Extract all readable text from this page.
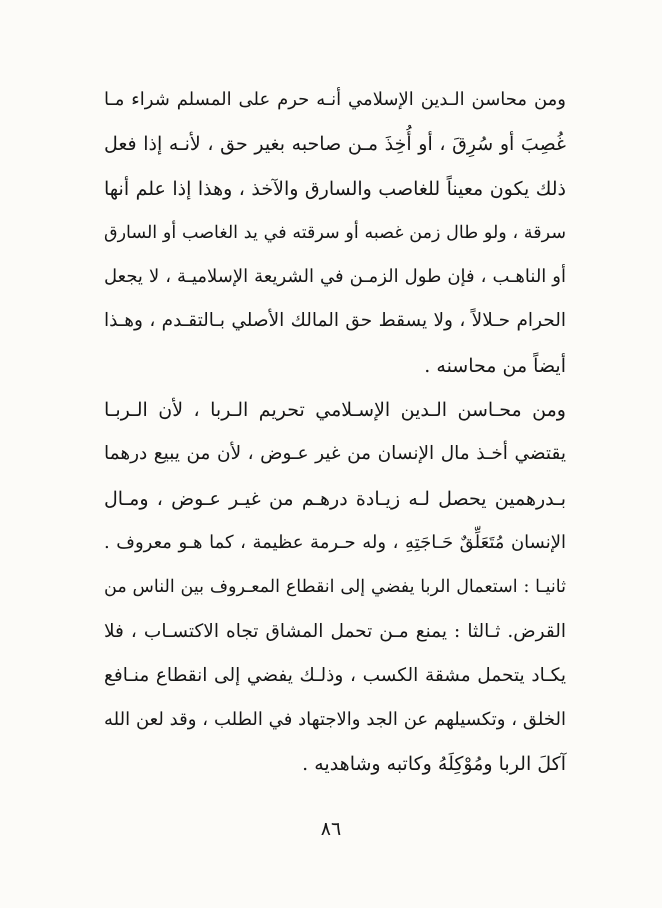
ومن محاسن الـدين الإسلامي أنـه حرم على المسلم شراء مـا
غُصِبَ أو سُرِقَ ، أو أُخِذَ مـن صاحبه بغير حق ، لأنـه إذا فعل
ذلك يكون معيناً للغاصب والسارق والآخذ ، وهذا إذا علم أنها
سرقة ، ولو طال زمن غصبه أو سرقته في يد الغاصب أو السارق
أو الناهـب ، فإن طول الزمـن في الشريعة الإسلاميـة ، لا يجعل
الحرام حـلالاً ، ولا يسقط حق المالك الأصلي بـالتقـدم ، وهـذا
أيضاً من محاسنه .
ومن محـاسن الـدين الإسـلامي تحريم الـربا ، لأن الـربـا
يقتضي أخـذ مال الإنسان من غير عـوض ، لأن من يبيع درهما
بـدرهمين يحصل لـه زيـادة درهـم من غيـر عـوض ، ومـال
الإنسان مُتَعَلِّقٌ حَـاجَتِهِ ، وله حـرمة عظيمة ، كما هـو معروف .
ثانيـا : استعمال الربا يفضي إلى انقطاع المعـروف بين الناس من
القرض. ثـالثا : يمنع مـن تحمل المشاق تجاه الاكتسـاب ، فلا
يكـاد يتحمل مشقة الكسب ، وذلـك يفضي إلى انقطاع منـافع
الخلق ، وتكسيلهم عن الجد والاجتهاد في الطلب ، وقد لعن الله
آكلَ الربا ومُوْكِلَهُ وكاتبه وشاهديه .
٨٦
